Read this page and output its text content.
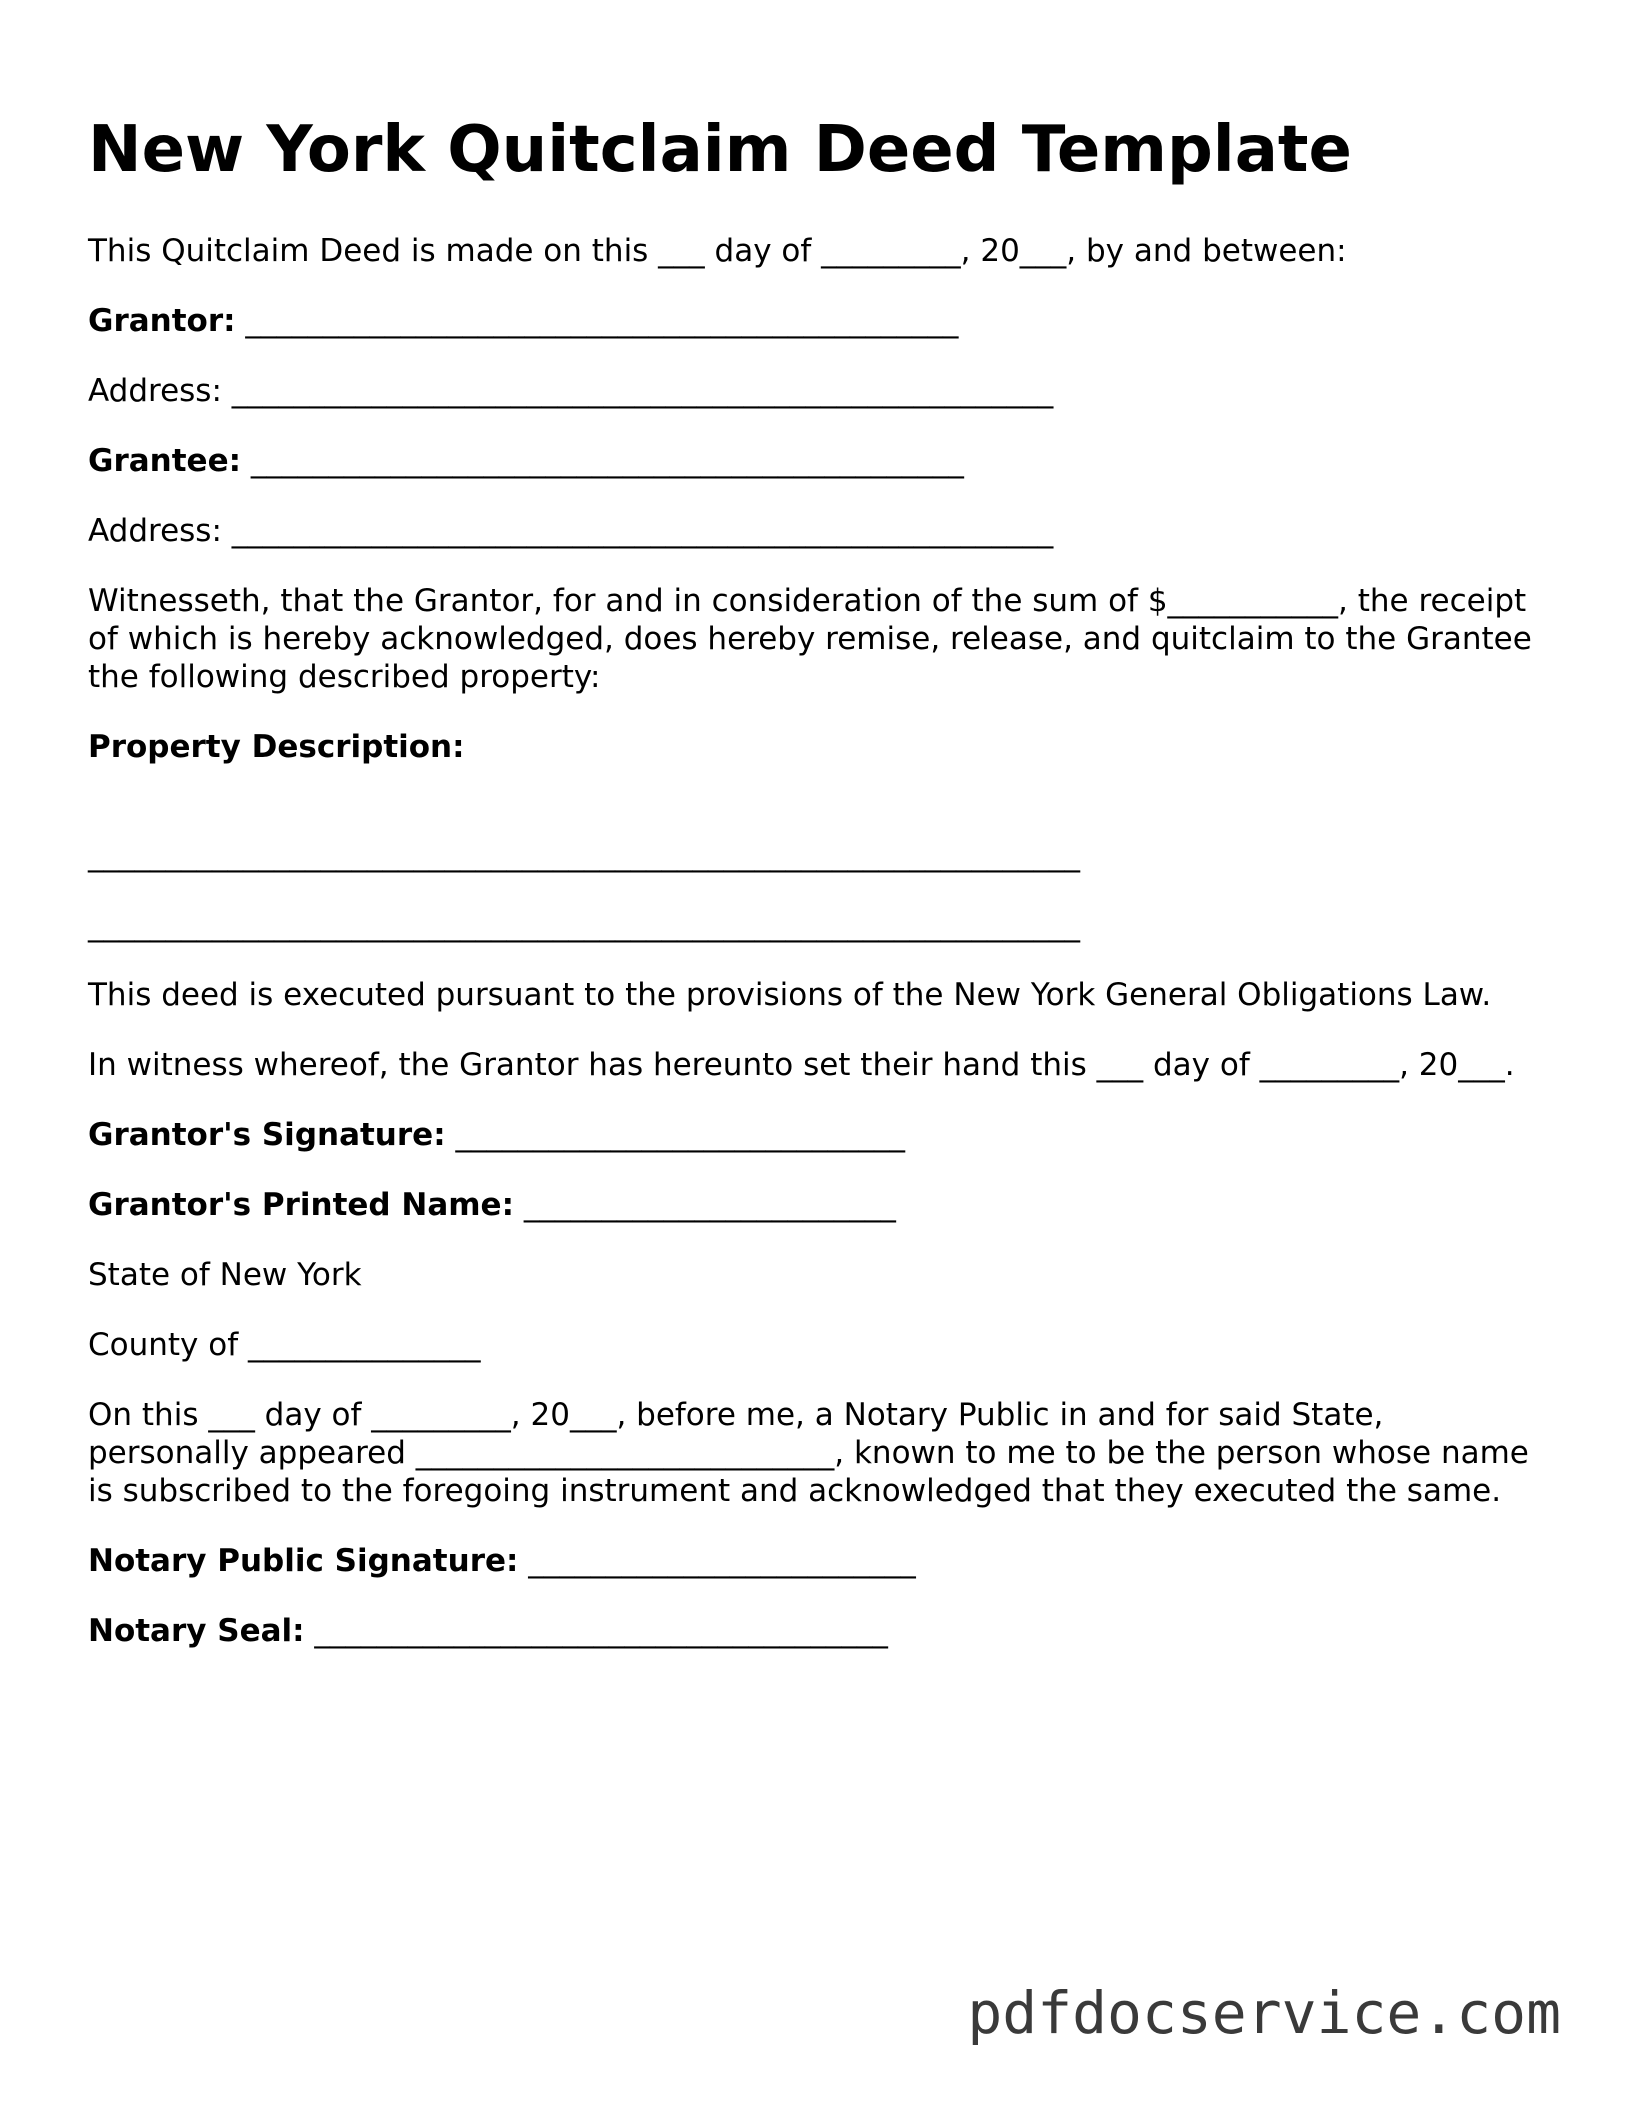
New York Quitclaim Deed Template

This Quitclaim Deed is made on this ___ day of _________, 20___, by and between:

Grantor: ______________________________________________

Address: _____________________________________________________

Grantee: ______________________________________________

Address: _____________________________________________________

Witnesseth, that the Grantor, for and in consideration of the sum of $___________, the receipt of which is hereby acknowledged, does hereby remise, release, and quitclaim to the Grantee the following described property:

Property Description:

________________________________________________________________

________________________________________________________________

This deed is executed pursuant to the provisions of the New York General Obligations Law.

In witness whereof, the Grantor has hereunto set their hand this ___ day of _________, 20___.

Grantor's Signature: _____________________________

Grantor's Printed Name: ________________________

State of New York

County of _______________

On this ___ day of _________, 20___, before me, a Notary Public in and for said State, personally appeared ___________________________, known to me to be the person whose name is subscribed to the foregoing instrument and acknowledged that they executed the same.

Notary Public Signature: _________________________

Notary Seal: _____________________________________

pdfdocservice.com
